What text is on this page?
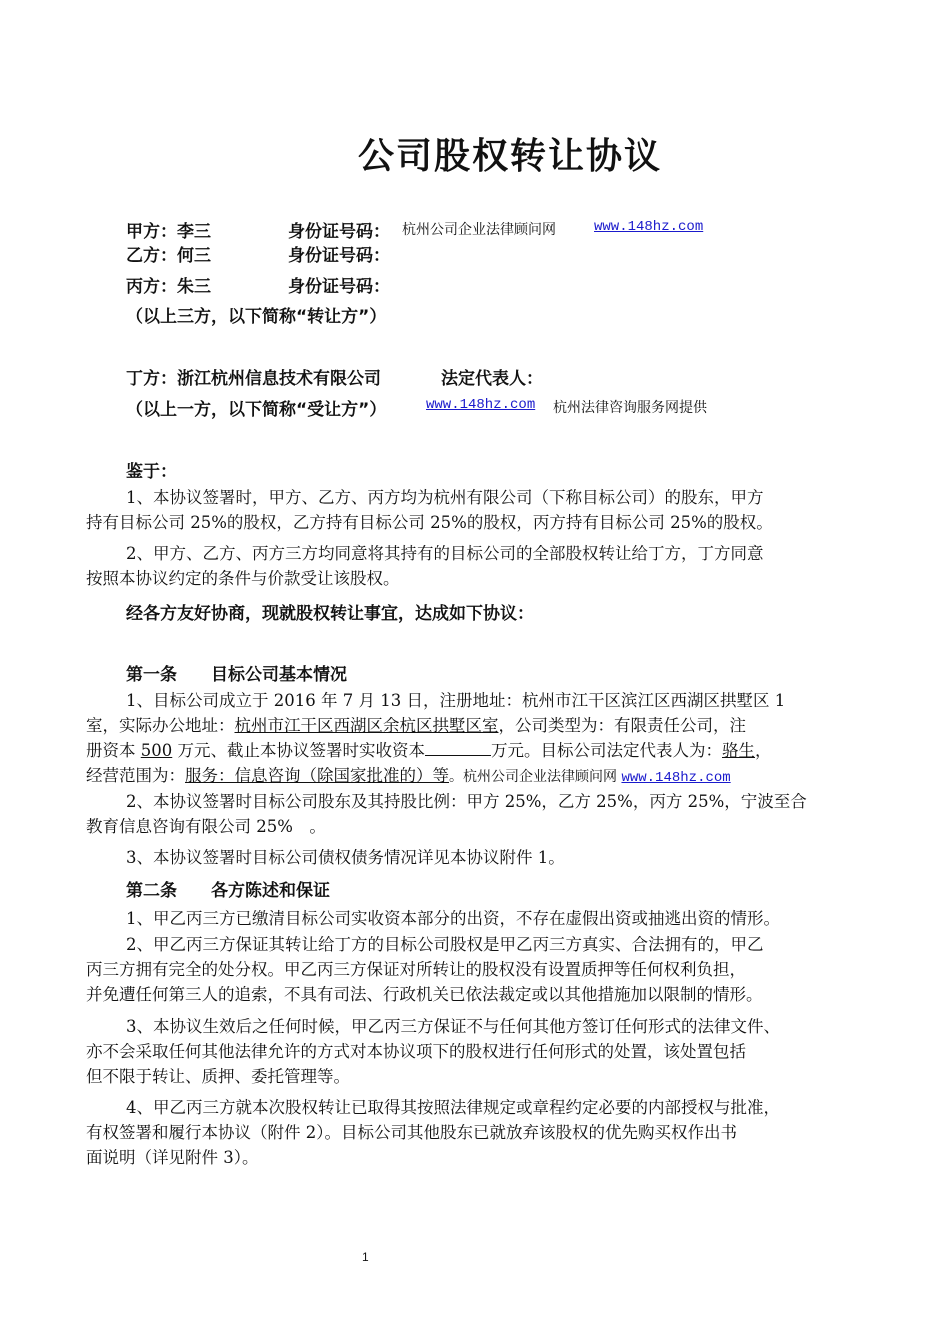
公司股权转让协议
甲方：李三	身份证号码： 杭州公司企业法律顾问网	www.148hz.com
乙方：何三	身份证号码：
丙方：朱三	身份证号码：
（以上三方，以下简称“转让方”）
丁方：浙江杭州信息技术有限公司	法定代表人：
（以上一方，以下简称“受让方”）	www.148hz.com 杭州法律咨询服务网提供
鉴于：
1、本协议签署时，甲方、乙方、丙方均为杭州有限公司（下称目标公司）的股东，甲方
持有目标公司 25%的股权，乙方持有目标公司 25%的股权，丙方持有目标公司 25%的股权。
2、甲方、乙方、丙方三方均同意将其持有的目标公司的全部股权转让给丁方，丁方同意
按照本协议约定的条件与价款受让该股权。
经各方友好协商，现就股权转让事宜，达成如下协议：
第一条　　目标公司基本情况
1、目标公司成立于 2016 年 7 月 13 日，注册地址：杭州市江干区滨江区西湖区拱墅区 1
室，实际办公地址：杭州市江干区西湖区余杭区拱墅区室，公司类型为：有限责任公司，注
册资本 500 万元、截止本协议签署时实收资本	万元。目标公司法定代表人为：骆生，
经营范围为：服务：信息咨询（除国家批准的）等。杭州公司企业法律顾问网 www.148hz.com
2、本协议签署时目标公司股东及其持股比例：甲方 25%，乙方 25%，丙方 25%，宁波至合
教育信息咨询有限公司 25%　。
3、本协议签署时目标公司债权债务情况详见本协议附件 1。
第二条　　各方陈述和保证
1、甲乙丙三方已缴清目标公司实收资本部分的出资，不存在虚假出资或抽逃出资的情形。
2、甲乙丙三方保证其转让给丁方的目标公司股权是甲乙丙三方真实、合法拥有的，甲乙
丙三方拥有完全的处分权。甲乙丙三方保证对所转让的股权没有设置质押等任何权利负担，
并免遭任何第三人的追索，不具有司法、行政机关已依法裁定或以其他措施加以限制的情形。
3、本协议生效后之任何时候，甲乙丙三方保证不与任何其他方签订任何形式的法律文件、
亦不会采取任何其他法律允许的方式对本协议项下的股权进行任何形式的处置，该处置包括
但不限于转让、质押、委托管理等。
4、甲乙丙三方就本次股权转让已取得其按照法律规定或章程约定必要的内部授权与批准，
有权签署和履行本协议（附件 2）。目标公司其他股东已就放弃该股权的优先购买权作出书
面说明（详见附件 3）。
1
